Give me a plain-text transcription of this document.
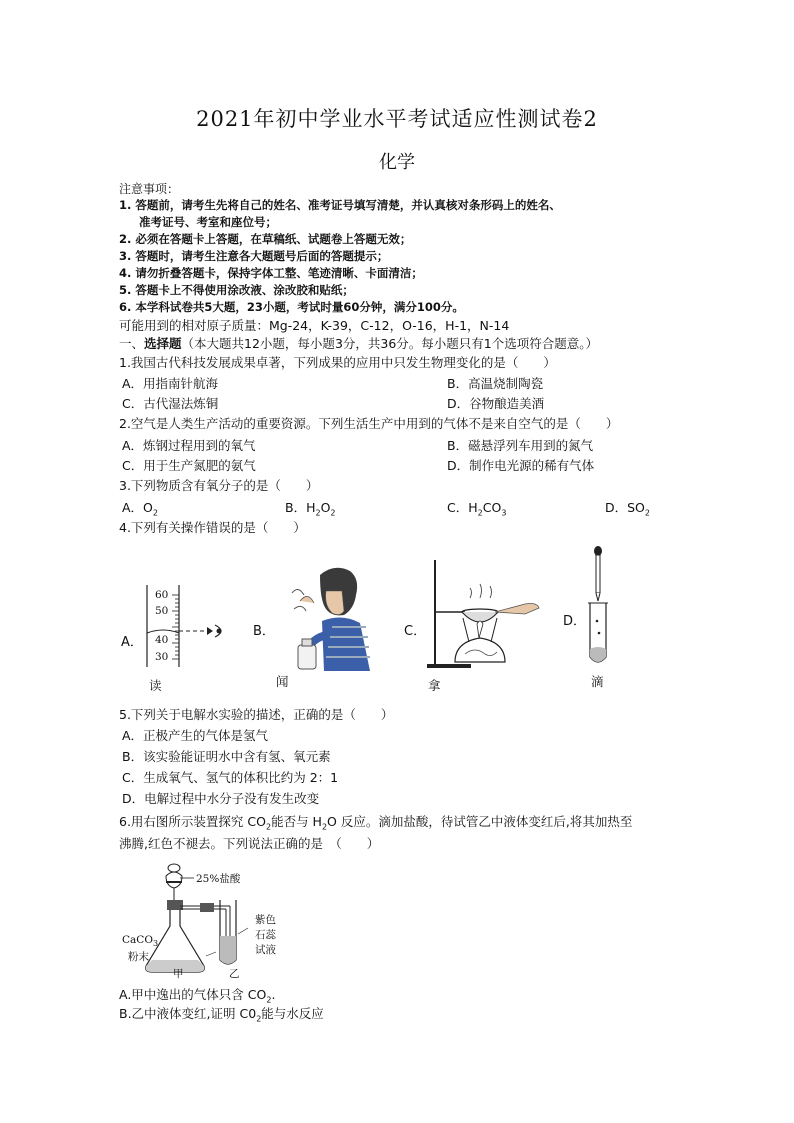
2021年初中学业水平考试适应性测试卷2
化学
注意事项：
1. 答题前，请考生先将自己的姓名、准考证号填写清楚，并认真核对条形码上的姓名、
准考证号、考室和座位号；
2. 必须在答题卡上答题，在草稿纸、试题卷上答题无效；
3. 答题时，请考生注意各大题题号后面的答题提示；
4. 请勿折叠答题卡，保持字体工整、笔迹清晰、卡面清洁；
5. 答题卡上不得使用涂改液、涂改胶和贴纸；
6. 本学科试卷共5大题，23小题，考试时量60分钟，满分100分。
可能用到的相对原子质量：Mg-24，K-39，C-12，O-16，H-1，N-14
一、选择题（本大题共12小题，每小题3分，共36分。每小题只有1个选项符合题意。）
1.我国古代科技发展成果卓著，下列成果的应用中只发生物理变化的是（　　）
A．用指南针航海	B．高温烧制陶瓷
C．古代湿法炼铜	D．谷物酿造美酒
2.空气是人类生产活动的重要资源。下列生活生产中用到的气体不是来自空气的是（　　）
A．炼钢过程用到的氧气	B．磁悬浮列车用到的氮气
C．用于生产氮肥的氨气	D．制作电光源的稀有气体
3.下列物质含有氧分子的是（　　）
A．$O_2$	B．$H_2O_2$	C．$H_2CO_3$	D．$SO_2$
4.下列有关操作错误的是（　　）
A．
B．	C．
D．
60
50
40
30
读	闻	拿	滴
5.下列关于电解水实验的描述，正确的是（　　）
A．正极产生的气体是氢气
B．该实验能证明水中含有氢、氧元素
C．生成氧气、氢气的体积比约为 2：1
D．电解过程中水分子没有发生改变
6.用右图所示装置探究 $CO_2$能否与 $H_2O$ 反应。滴加盐酸，待试管乙中液体变红后,将其加热至
沸腾,红色不褪去。下列说法正确的是　（　　）
25%盐酸
CaCO$_3$
粉末
紫色
石蕊
试液
甲	乙
A.甲中逸出的气体只含 $CO_2$.
B.乙中液体变红,证明 $C0_2$能与水反应
